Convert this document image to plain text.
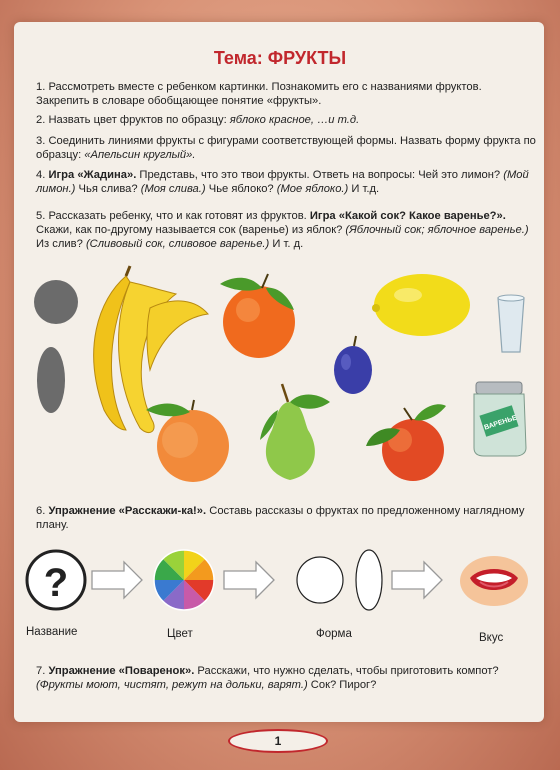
Тема: ФРУКТЫ
1. Рассмотреть вместе с ребенком картинки. Познакомить его с названиями фруктов. Закрепить в словаре обобщающее понятие «фрукты».
2. Назвать цвет фруктов по образцу: яблоко красное, …и т.д.
3. Соединить линиями фрукты с фигурами соответствующей формы. Назвать форму фрукта по образцу: «Апельсин круглый».
4. Игра «Жадина». Представь, что это твои фрукты. Ответь на вопросы: Чей это лимон? (Мой лимон.) Чья слива? (Моя слива.) Чье яблоко? (Мое яблоко.) И т.д.
5. Рассказать ребенку, что и как готовят из фруктов. Игра «Какой сок? Какое варенье?». Скажи, как по-другому называется сок (варенье) из яблок? (Яблочный сок; яблочное варенье.) Из слив? (Сливовый сок, сливовое варенье.) И т. д.
ВАРЕНЬЕ
6. Упражнение «Расскажи-ка!». Составь рассказы о фруктах по предложенному наглядному плану.
?
Название	Цвет	Форма	Вкус
7. Упражнение «Поваренок». Расскажи, что нужно сделать, чтобы приготовить компот? (Фрукты моют, чистят, режут на дольки, варят.) Сок? Пирог?
1
